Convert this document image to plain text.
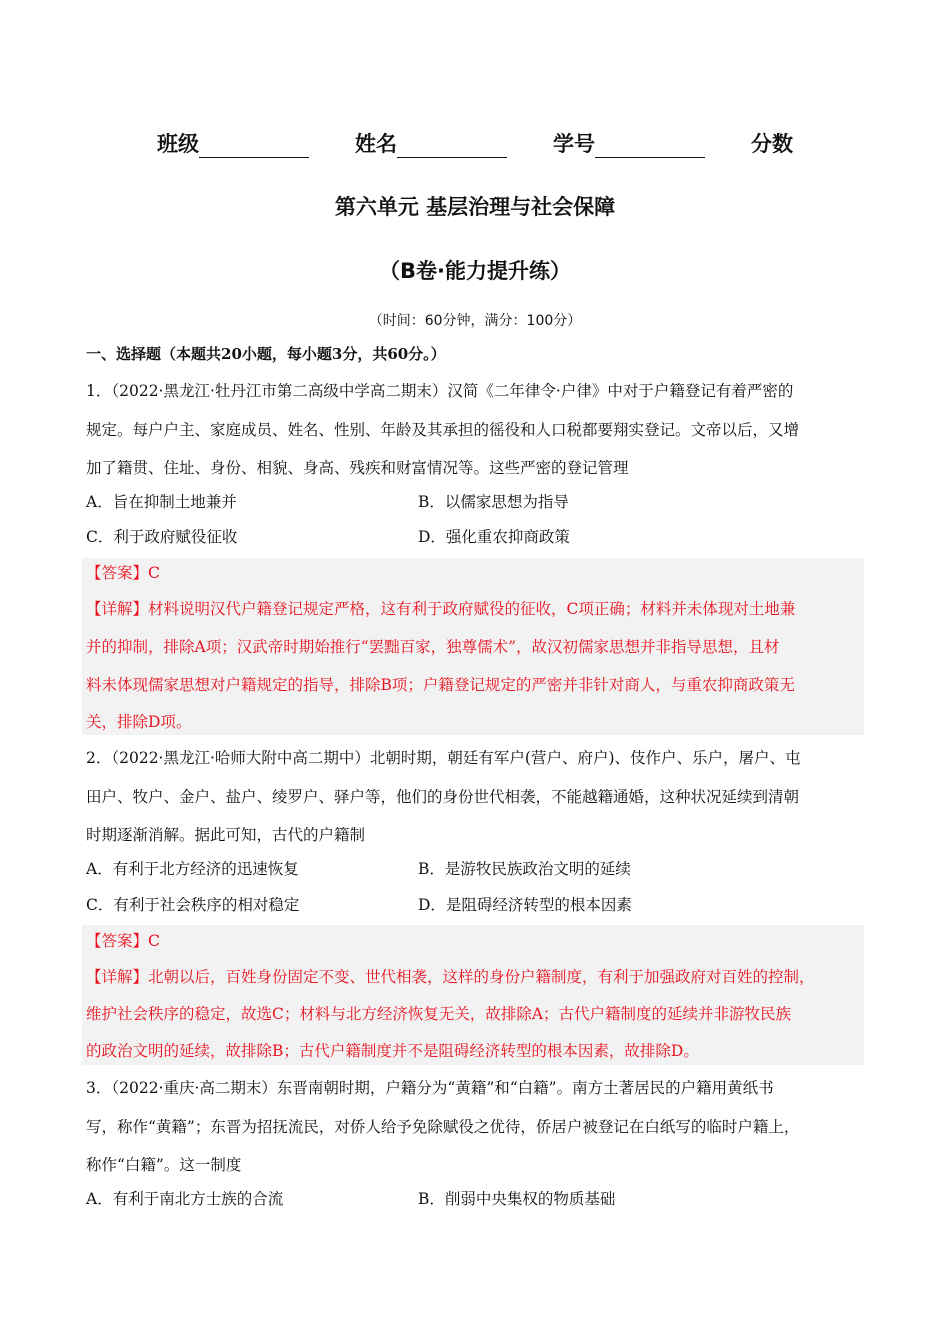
班级	姓名	学号	分数
第六单元 基层治理与社会保障
（B卷·能力提升练）
（时间：60分钟，满分：100分）
一、选择题（本题共20小题，每小题3分，共60分。）
1．（2022·黑龙江·牡丹江市第二高级中学高二期末）汉简《二年律令·户律》中对于户籍登记有着严密的
规定。每户户主、家庭成员、姓名、性别、年龄及其承担的徭役和人口税都要翔实登记。文帝以后，又增
加了籍贯、住址、身份、相貌、身高、残疾和财富情况等。这些严密的登记管理
A．旨在抑制土地兼并	B．以儒家思想为指导
C．利于政府赋役征收	D．强化重农抑商政策
【答案】C
【详解】材料说明汉代户籍登记规定严格，这有利于政府赋役的征收，C项正确；材料并未体现对土地兼
并的抑制，排除A项；汉武帝时期始推行“罢黜百家，独尊儒术”，故汉初儒家思想并非指导思想，且材
料未体现儒家思想对户籍规定的指导，排除B项；户籍登记规定的严密并非针对商人，与重农抑商政策无
关，排除D项。
2．（2022·黑龙江·哈师大附中高二期中）北朝时期，朝廷有军户(营户、府户)、伎作户、乐户，屠户、屯
田户、牧户、金户、盐户、绫罗户、驿户等，他们的身份世代相袭，不能越籍通婚，这种状况延续到清朝
时期逐渐消解。据此可知，古代的户籍制
A．有利于北方经济的迅速恢复	B．是游牧民族政治文明的延续
C．有利于社会秩序的相对稳定	D．是阻碍经济转型的根本因素
【答案】C
【详解】北朝以后，百姓身份固定不变、世代相袭，这样的身份户籍制度，有利于加强政府对百姓的控制，
维护社会秩序的稳定，故选C；材料与北方经济恢复无关，故排除A；古代户籍制度的延续并非游牧民族
的政治文明的延续，故排除B；古代户籍制度并不是阻碍经济转型的根本因素，故排除D。
3．（2022·重庆·高二期末）东晋南朝时期，户籍分为“黄籍”和“白籍”。南方土著居民的户籍用黄纸书
写，称作“黄籍”；东晋为招抚流民，对侨人给予免除赋役之优待，侨居户被登记在白纸写的临时户籍上，
称作“白籍”。这一制度
A．有利于南北方士族的合流	B．削弱中央集权的物质基础
